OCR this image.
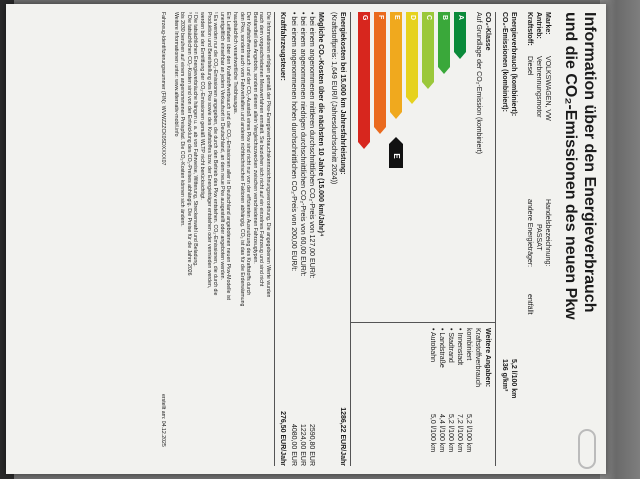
Information über den Energieverbrauch
und die CO₂-Emissionen des neuen Pkw
Marke:
VOLKSWAGEN, VW
Handelsbezeichnung:
Antrieb:
Verbrennungsmotor
PASSAT
Kraftstoff:
Diesel
andere Energieträger:
entfällt
Energieverbrauch (kombiniert):
5,2 l/100 km
CO₂-Emissionen (kombiniert):
136 g/km³
CO₂-Klasse
Auf Grundlage der CO₂-Emission (kombiniert)
A
B
C
D
E
F
G
E
Weitere Angaben:
Kraftstoffverbrauch
kombiniert
5,2 l/100 km
• Innenstadt
7,2 l/100 km
• Stadtrand
5,2 l/100 km
• Landstraße
4,4 l/100 km
• Autobahn
5,0 l/100 km
Energiekosten bei 15.000 km Jahresfahrleistung:
1286,22 EUR/Jahr
(Kraftstoffpreis: 1,649 EUR/l (Jahresdurchschnitt 2024))
Mögliche CO₂-Kosten über die nächsten 10 Jahre (15.000 km/Jahr)⁴
• bei einem angenommenen mittleren durchschnittlichen CO₂-Preis von 127,00 EUR/t:
2590,80 EUR
• bei einem angenommenen niedrigen durchschnittlichen CO₂-Preis von 60,00 EUR/t:
1224,00 EUR
• bei einem angenommenen hohen durchschnittlichen CO₂-Preis von 200,00 EUR/t:
4080,00 EUR
Kraftfahrzeugsteuer:
276,50 EUR/Jahr
Die Informationen erfolgen gemäß der Pkw-Energieverbrauchskennzeichnungsverordnung. Die angegebenen Werte wurden
nach dem vorgeschriebenen Messverfahren ermittelt. Sie beziehen sich nicht auf ein einzelnes Fahrzeug und sind nicht
Bestandteil des Angebots, sondern dienen allein Vergleichszwecken zwischen verschiedenen Fahrzeugtypen.
Der Kraftstoffverbrauch und der CO₂-Ausstoß eines Pkw sind nicht nur von der effizienten Ausnutzung des Kraftstoffs durch
den Pkw, sondern auch vom Fahrverhalten und anderen nichttechnischen Faktoren abhängig. CO₂ ist das für die Erderwärmung
hauptsächlich verantwortliche Treibhausgas.
Ein Leitfaden über den Kraftstoffverbrauch und die CO₂-Emissionen aller in Deutschland angebotenen neuen Pkw-Modelle ist
unentgeltlich einsehbar an jedem Verkaufsort in Deutschland, an dem neue Pkw ausgestellt oder angeboten werden.
¹ Es werden nur die CO₂-Emissionen angegeben, die durch den Betrieb des Pkw entstehen. CO₂-Emissionen, die durch die
Produktion und Bereitstellung des Pkw sowie des Kraftstoffes bzw. der Energieträger entstehen oder vermieden werden,
werden bei der Ermittlung der CO₂-Emissionen gemäß WLTP nicht berücksichtigt.
² Die tatsächlichen Energieverbräuche hängen u. a. ab von Fahrweise, Witterung, Streckenwahl und Beladung.
³ Die tatsächlichen CO₂-Kosten sind von der Entwicklung des CO₂-Preises abhängig. Die Preise für die Jahre 2026
bis 2030 beruhen auf einem angenommenen Preispfad. Die CO₂-Kosten können sich ändern.
Weitere Informationen unter: www.alternativ-mobil.info
Fahrzeug-Identifizierungsnummer (FIN): WVWZZZCK0SDXXXX07
erstellt am: 04.12.2025
